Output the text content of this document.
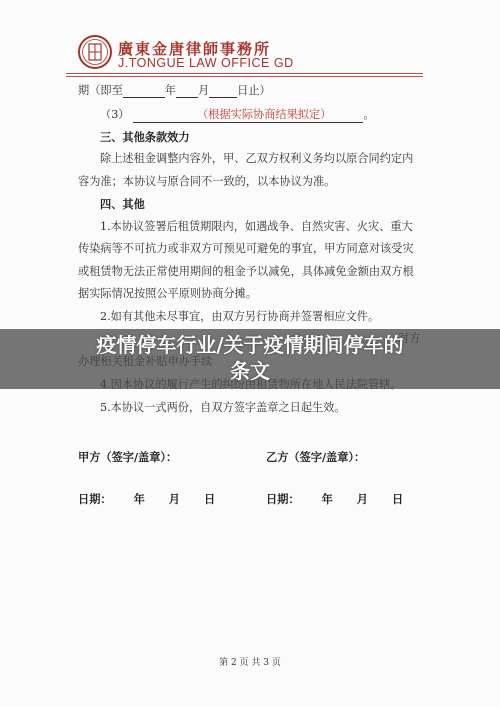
廣東金唐律師事務所
J.TONGUE LAW OFFICE GD
期（即至	年 月	日止）
（3）	（根据实际协商结果拟定）	。
三、其他条款效力
除上述租金调整内容外，甲、乙双方权利义务均以原合同约定内
容为准；本协议与原合同不一致的，以本协议为准。
四、其他
1.本协议签署后租赁期限内，如遇战争、自然灾害、火灾、重大
传染病等不可抗力或非双方可预见可避免的事宜，甲方同意对该受灾
或租赁物无法正常使用期间的租金予以减免，具体减免金额由双方根
据实际情况按照公平原则协商分摊。
2.如有其他未尽事宜，由双方另行协商并签署相应文件。
5.本协议一式两份，自双方签字盖章之日起生效。
疫情停车行业/关于疫情期间停车的
条文
甲方（签字/盖章）：	乙方（签字/盖章）：
日期： 年 月 日	日期： 年 月 日
第 2 页 共 3 页
